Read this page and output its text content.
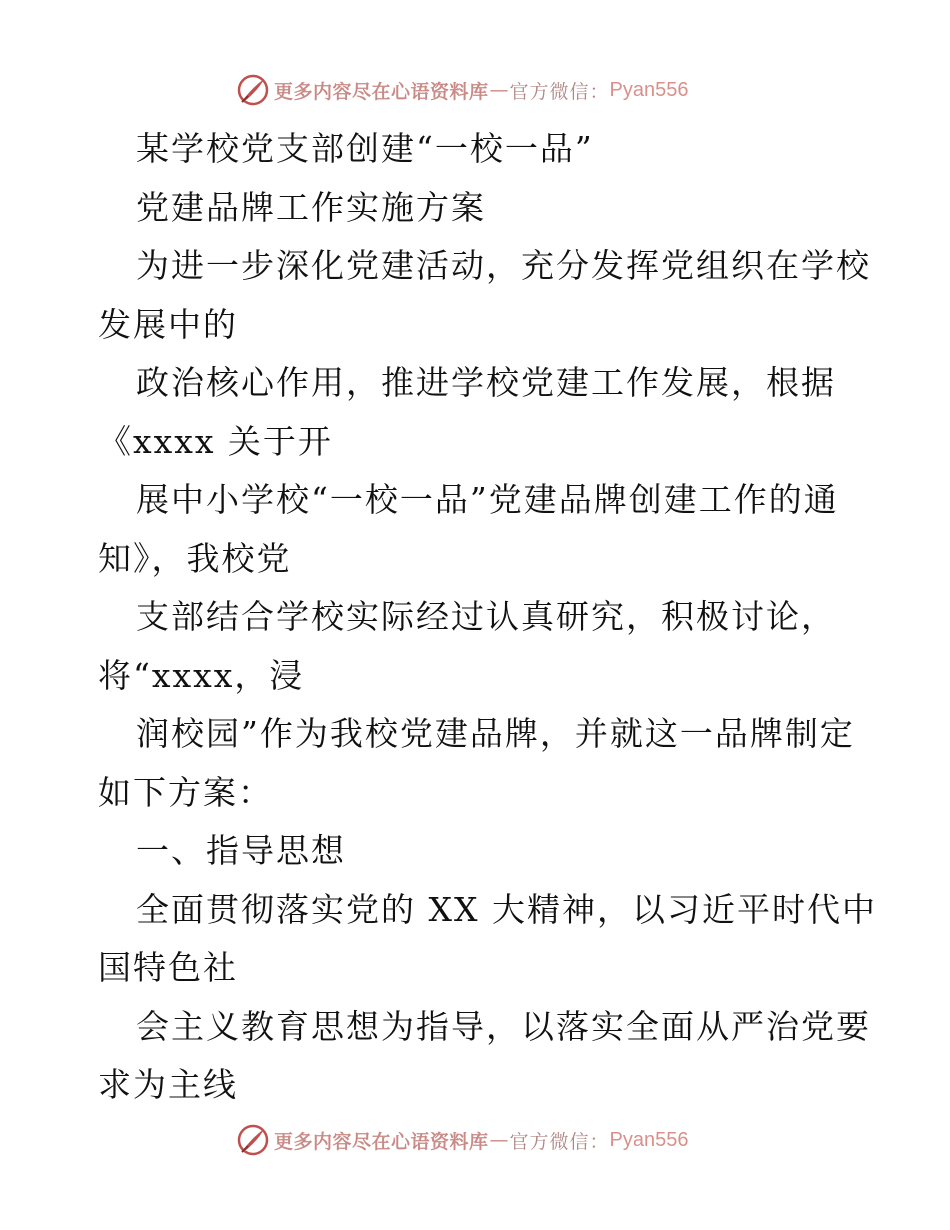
更多内容尽在心语资料库 — 官方微信： Pyan556
某学校党支部创建“一校一品”
党建品牌工作实施方案
为进一步深化党建活动，充分发挥党组织在学校
发展中的
政治核心作用，推进学校党建工作发展，根据
《xxxx 关于开
展中小学校“一校一品”党建品牌创建工作的通
知》，我校党
支部结合学校实际经过认真研究，积极讨论，
将“xxxx，浸
润校园”作为我校党建品牌，并就这一品牌制定
如下方案：
一、指导思想
全面贯彻落实党的 XX 大精神，以习近平时代中
国特色社
会主义教育思想为指导，以落实全面从严治党要
求为主线
更多内容尽在心语资料库 — 官方微信： Pyan556
